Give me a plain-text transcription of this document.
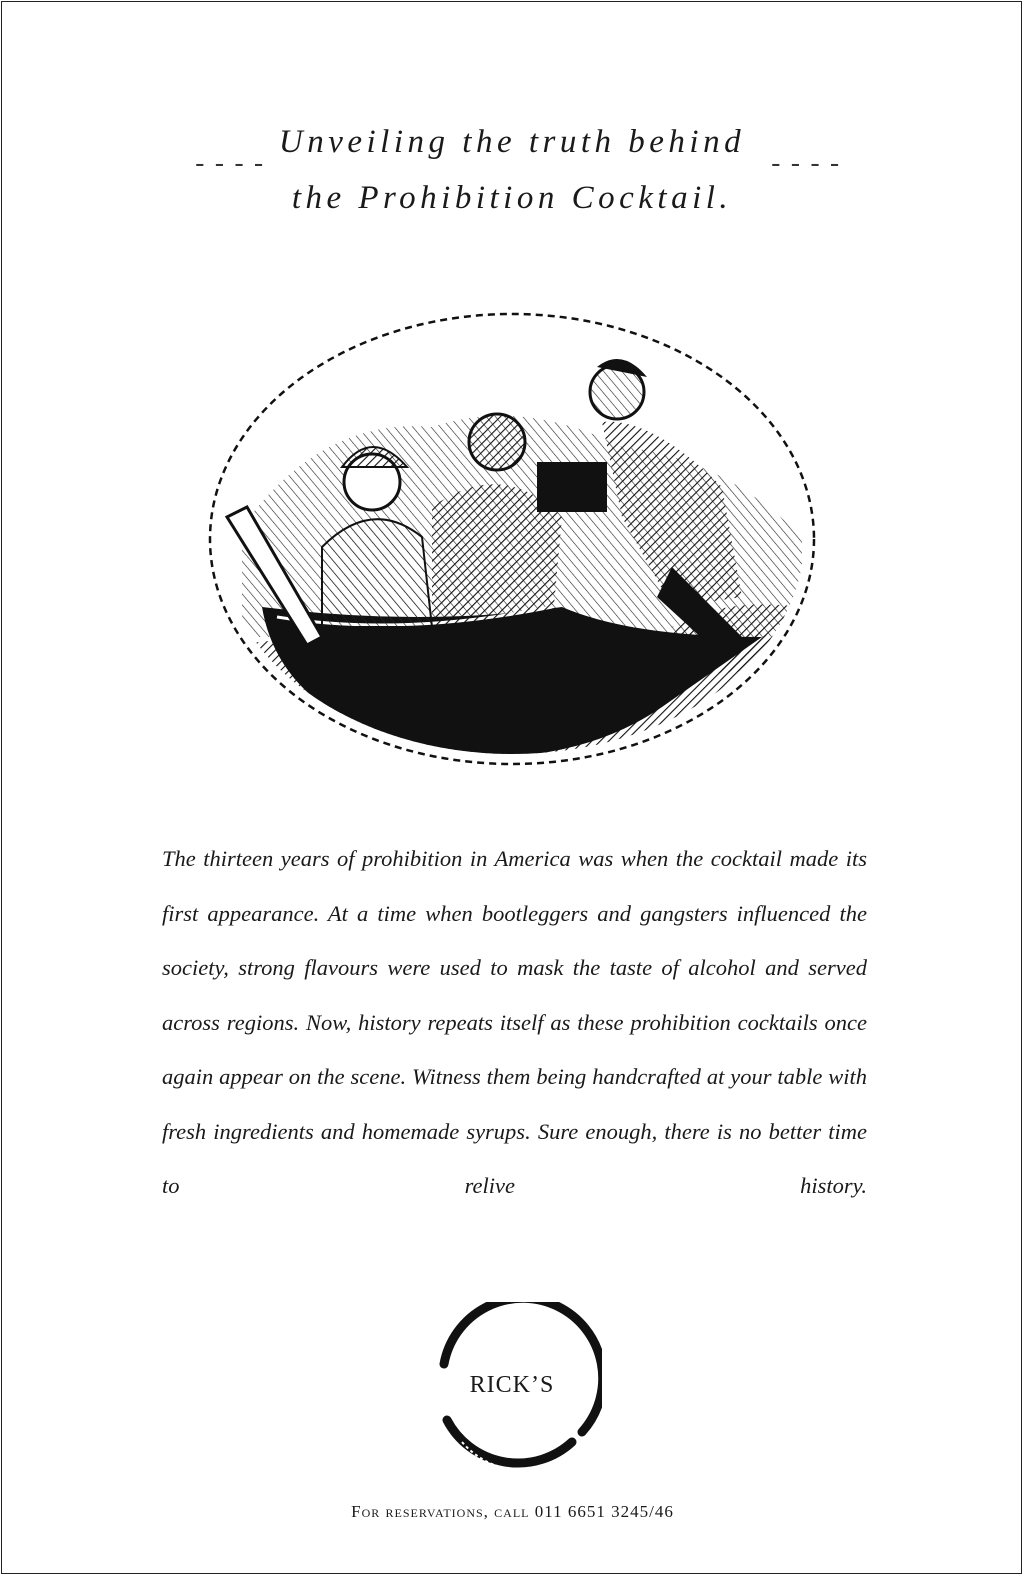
----
Unveiling the truth behind
the Prohibition Cocktail.
----
The thirteen years of prohibition in America was when the cocktail made its first appearance. At a time when bootleggers and gangsters influenced the society, strong flavours were used to mask the taste of alcohol and served across regions. Now, history repeats itself as these prohibition cocktails once again appear on the scene. Witness them being handcrafted at your table with fresh ingredients and homemade syrups. Sure enough, there is no better time to relive history.
RICK’S
For reservations, call 011 6651 3245/46
